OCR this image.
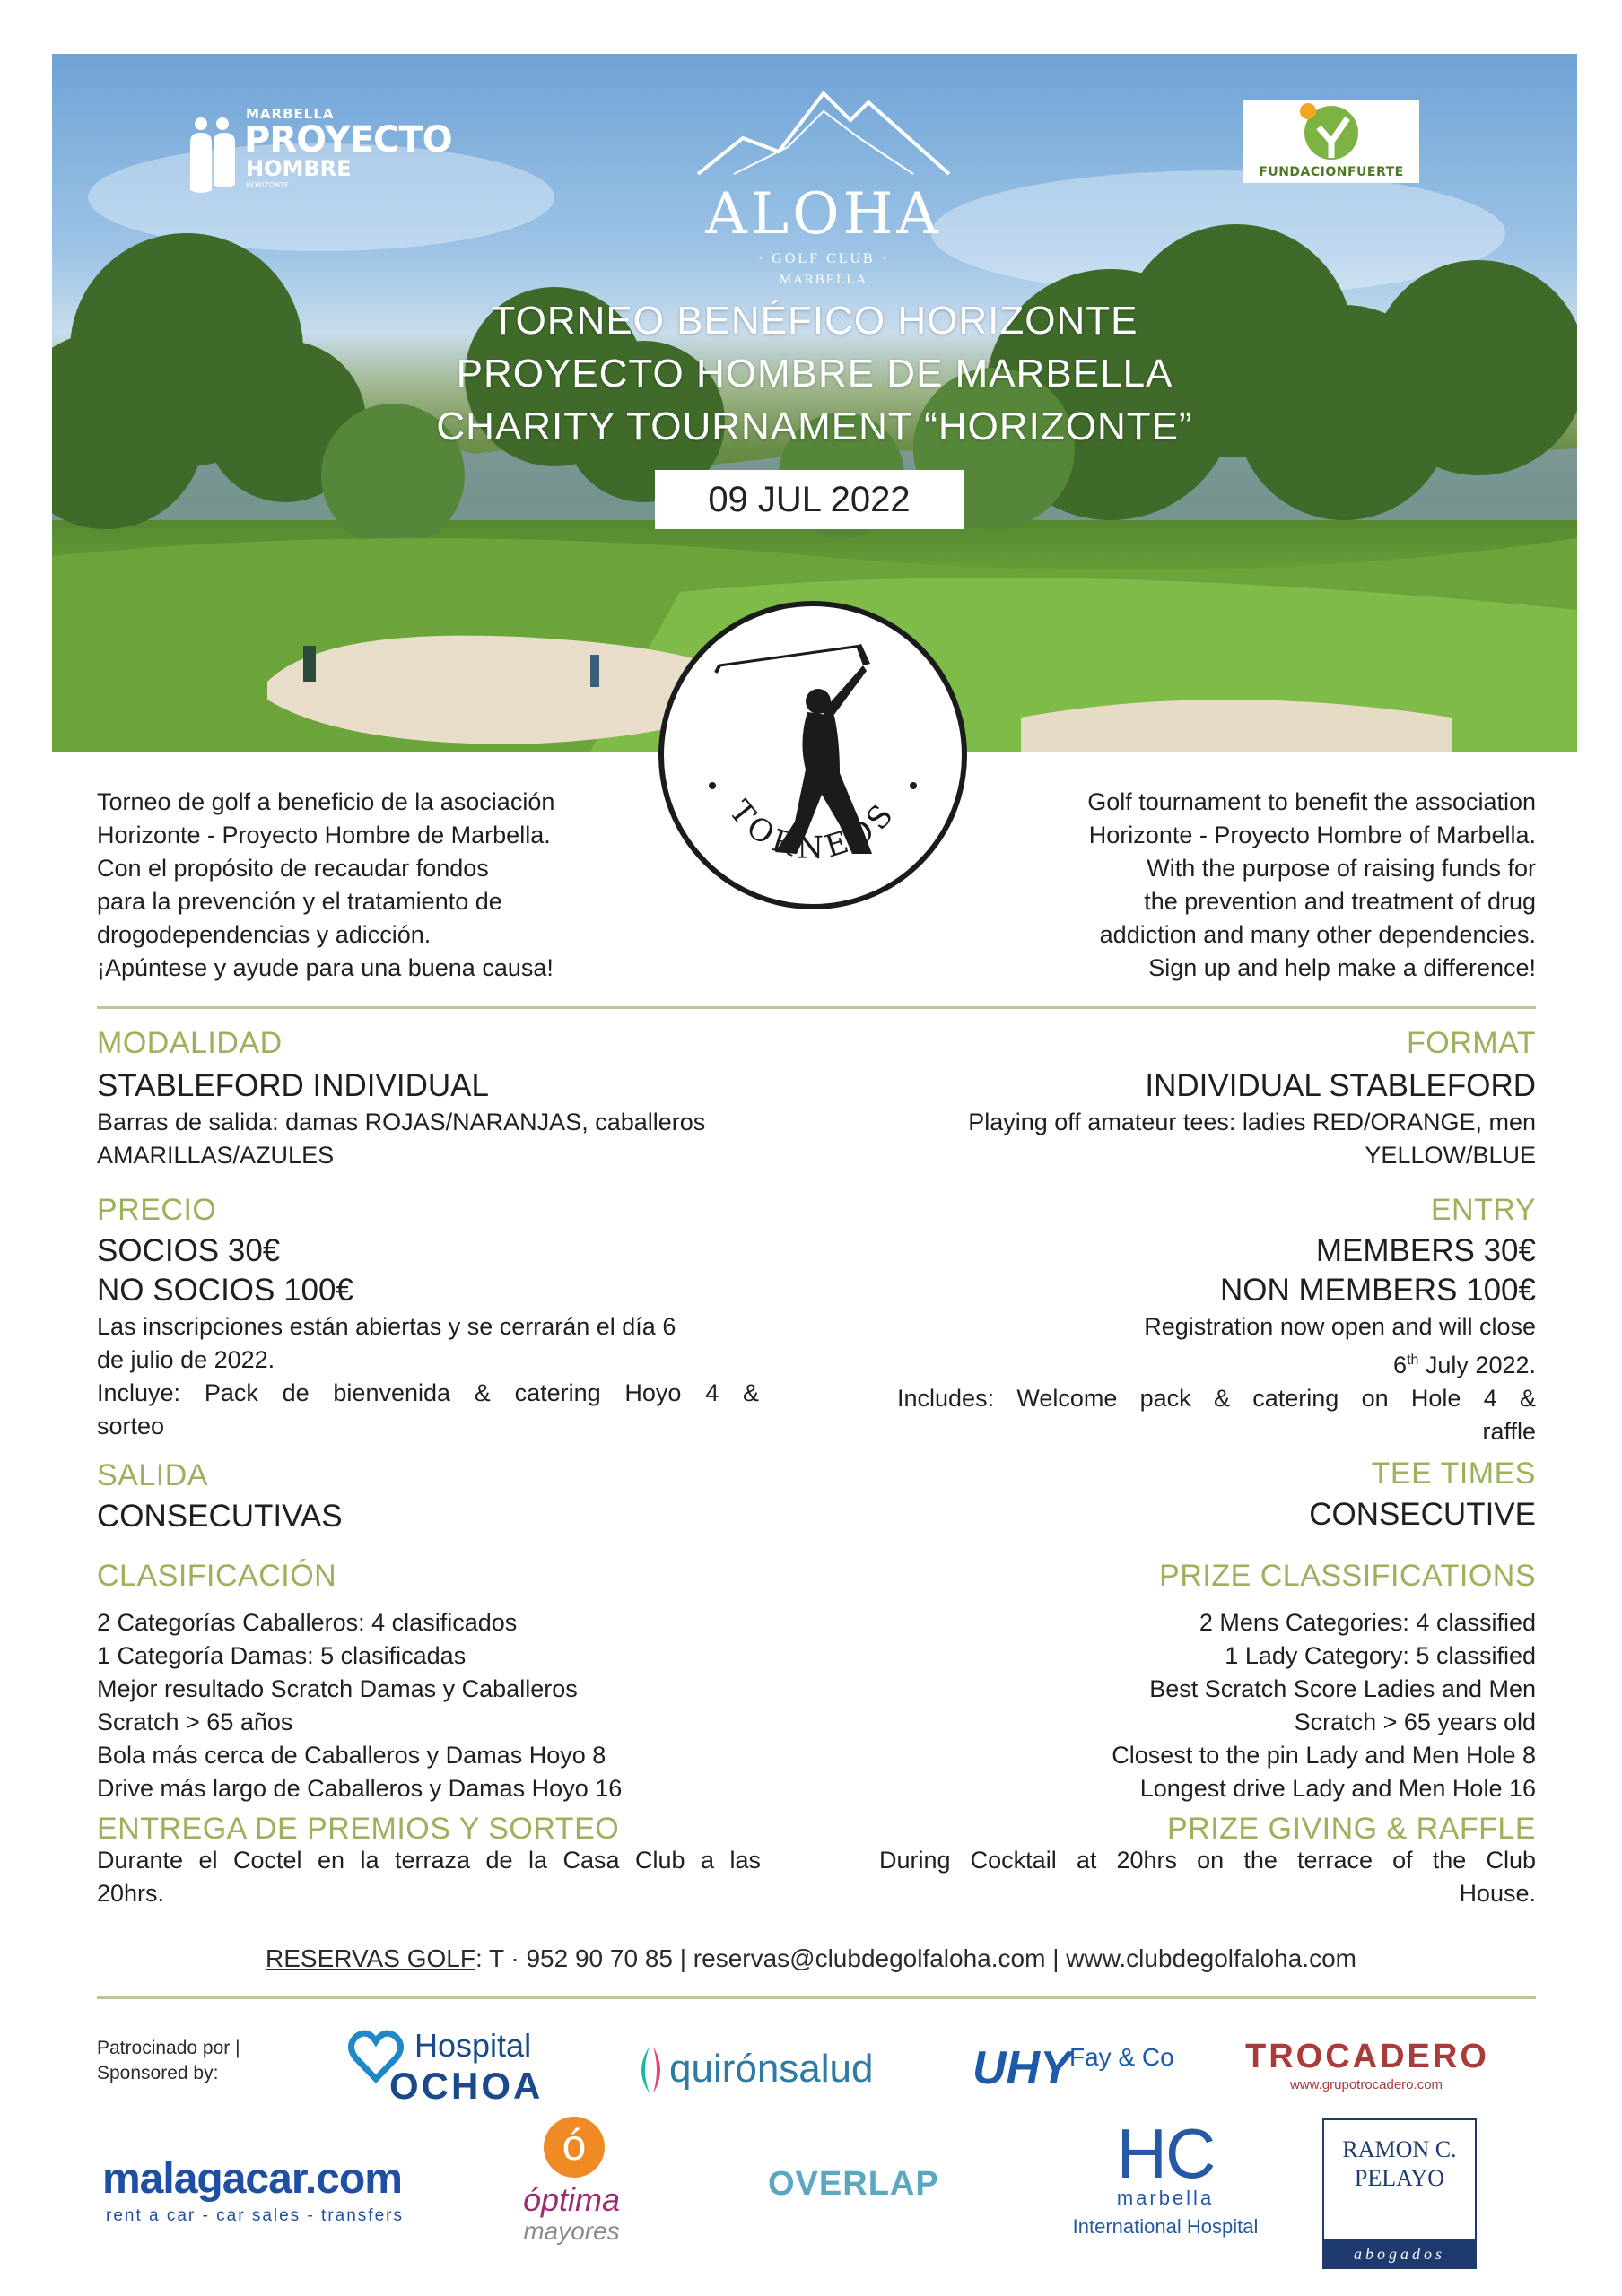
MARBELLA
PROYECTO
HOMBRE
HORIZONTE	ALOHA
· GOLF CLUB ·
MARBELLA
FUNDACIONFUERTE
TORNEO BENÉFICO HORIZONTE
PROYECTO HOMBRE DE MARBELLA
CHARITY TOURNAMENT “HORIZONTE”
09 JUL 2022
TORNEOS
Torneo de golf a beneficio de la asociación
Horizonte - Proyecto Hombre de Marbella.
Con el propósito de recaudar fondos
para la prevención y el tratamiento de
drogodependencias y adicción.
¡Apúntese y ayude para una buena causa!
Golf tournament to benefit the association
Horizonte - Proyecto Hombre of Marbella.
With the purpose of raising funds for
the prevention and treatment of drug
addiction and many other dependencies.
Sign up and help make a difference!
MODALIDAD
STABLEFORD INDIVIDUAL
Barras de salida: damas ROJAS/NARANJAS, caballeros
AMARILLAS/AZULES
FORMAT
INDIVIDUAL STABLEFORD
Playing off amateur tees: ladies RED/ORANGE, men
YELLOW/BLUE
PRECIO
SOCIOS 30€
NO SOCIOS 100€
Las inscripciones están abiertas y se cerrarán el día 6
de julio de 2022.
Incluye: Pack de bienvenida & catering Hoyo 4 &
sorteo
ENTRY
MEMBERS 30€
NON MEMBERS 100€
Registration now open and will close
6th July 2022.
Includes: Welcome pack & catering on Hole 4 &
raffle
SALIDA
CONSECUTIVAS
TEE TIMES
CONSECUTIVE
CLASIFICACIÓN
2 Categorías Caballeros: 4 clasificados
1 Categoría Damas: 5 clasificadas
Mejor resultado Scratch Damas y Caballeros
Scratch > 65 años
Bola más cerca de Caballeros y Damas Hoyo 8
Drive más largo de Caballeros y Damas Hoyo 16
PRIZE CLASSIFICATIONS
2 Mens Categories: 4 classified
1 Lady Category: 5 classified
Best Scratch Score Ladies and Men
Scratch > 65 years old
Closest to the pin Lady and Men Hole 8
Longest drive Lady and Men Hole 16
ENTREGA DE PREMIOS Y SORTEO
Durante el Coctel en la terraza de la Casa Club a las
20hrs.
PRIZE GIVING & RAFFLE
During Cocktail at 20hrs on the terrace of the Club
House.
RESERVAS GOLF: T · 952 90 70 85 | reservas@clubdegolfaloha.com | www.clubdegolfaloha.com
Patrocinado por |
Sponsored by:
Hospital
OCHOA	quirónsalud UHY
Fay & Co TROCADERO
www.grupotrocadero.com
malagacar.com
rent a car - car sales - transfers
ó
óptima
mayores
OVERLAP	HC
marbella
International Hospital
RAMON C.
PELAYO
abogados
